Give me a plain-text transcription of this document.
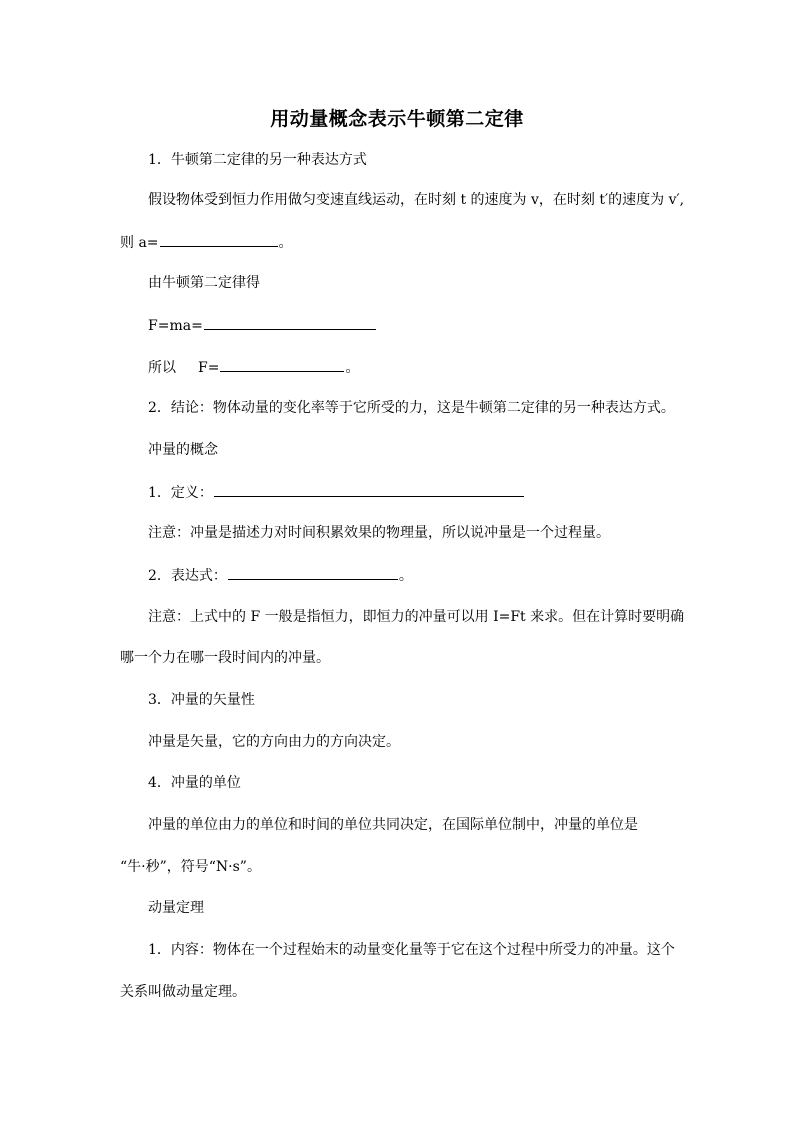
用动量概念表示牛顿第二定律
1．牛顿第二定律的另一种表达方式
假设物体受到恒力作用做匀变速直线运动，在时刻 t 的速度为 v，在时刻 t′的速度为 v′,
则 a=	。
由牛顿第二定律得
F=ma=
所以 F=	。
2．结论：物体动量的变化率等于它所受的力，这是牛顿第二定律的另一种表达方式。
冲量的概念
1．定义：
注意：冲量是描述力对时间积累效果的物理量，所以说冲量是一个过程量。
2．表达式：	。
注意：上式中的 F 一般是指恒力，即恒力的冲量可以用 I=Ft 来求。但在计算时要明确
哪一个力在哪一段时间内的冲量。
3．冲量的矢量性
冲量是矢量，它的方向由力的方向决定。
4．冲量的单位
冲量的单位由力的单位和时间的单位共同决定，在国际单位制中，冲量的单位是
“牛·秒”，符号“N·s”。
动量定理
1．内容：物体在一个过程始末的动量变化量等于它在这个过程中所受力的冲量。这个
关系叫做动量定理。
